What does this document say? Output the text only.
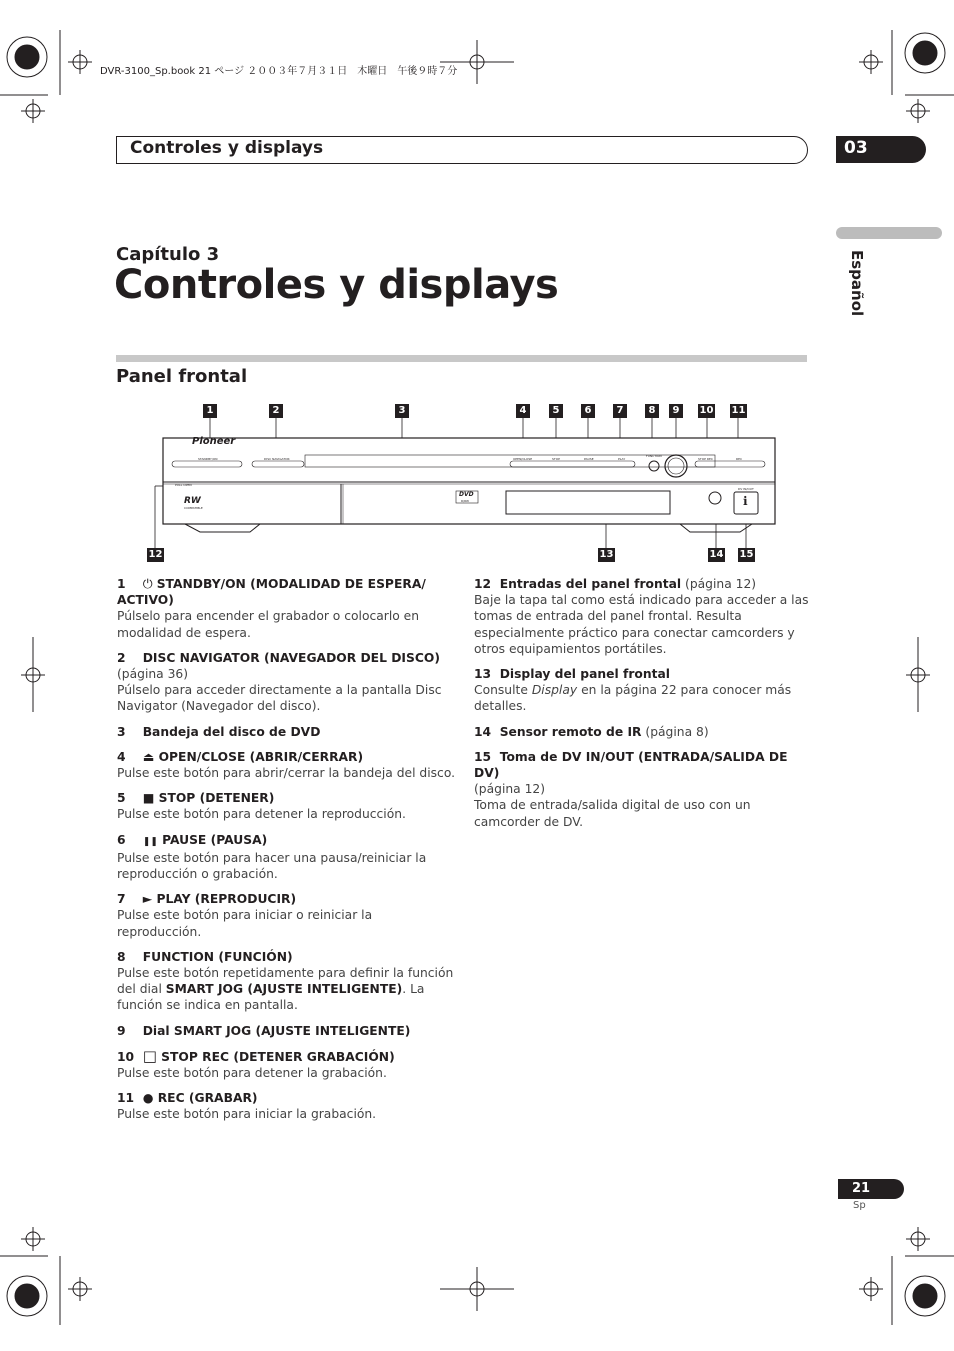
DVR-3100_Sp.book 21 ページ ２００３年７月３１日　木曜日　午後９時７分
Controles y displays	03
Español
Capítulo 3
Controles y displays
Panel frontal
Pioneer
STANDBY/ON	DISC NAVIGATOR	OPEN/CLOSE	STOP	PAUSE	PLAY
FUNCTION
STOP REC	REC
PULL OPEN
DV IN/OUT
RW
COMPATIBLE
DVD
R/RW	ℹ
1	2	3	4	5	6	7	8	9	10 11
12	13	14 15
1 ⏻ STANDBY/ON (MODALIDAD DE ESPERA/ ACTIVO)
Púlselo para encender el grabador o colocarlo en modalidad de espera.
2 DISC NAVIGATOR (NAVEGADOR DEL DISCO)
(página 36)
Púlselo para acceder directamente a la pantalla Disc Navigator (Navegador del disco).
3 Bandeja del disco de DVD
4 ⏏ OPEN/CLOSE (ABRIR/CERRAR)
Pulse este botón para abrir/cerrar la bandeja del disco.
5 ■ STOP (DETENER)
Pulse este botón para detener la reproducción.
6 ❚❚ PAUSE (PAUSA)
Pulse este botón para hacer una pausa/reiniciar la reproducción o grabación.
7 ► PLAY (REPRODUCIR)
Pulse este botón para iniciar o reiniciar la reproducción.
8 FUNCTION (FUNCIÓN)
Pulse este botón repetidamente para definir la función del dial SMART JOG (AJUSTE INTELIGENTE). La función se indica en pantalla.
9 Dial SMART JOG (AJUSTE INTELIGENTE)
10 □ STOP REC (DETENER GRABACIÓN)
Pulse este botón para detener la grabación.
11 ● REC (GRABAR)
Pulse este botón para iniciar la grabación.
12 Entradas del panel frontal (página 12)
Baje la tapa tal como está indicado para acceder a las tomas de entrada del panel frontal. Resulta especialmente práctico para conectar camcorders y otros equipamientos portátiles.
13 Display del panel frontal
Consulte Display en la página 22 para conocer más detalles.
14 Sensor remoto de IR (página 8)
15 Toma de DV IN/OUT (ENTRADA/SALIDA DE DV)
(página 12)
Toma de entrada/salida digital de uso con un camcorder de DV.
21
Sp
